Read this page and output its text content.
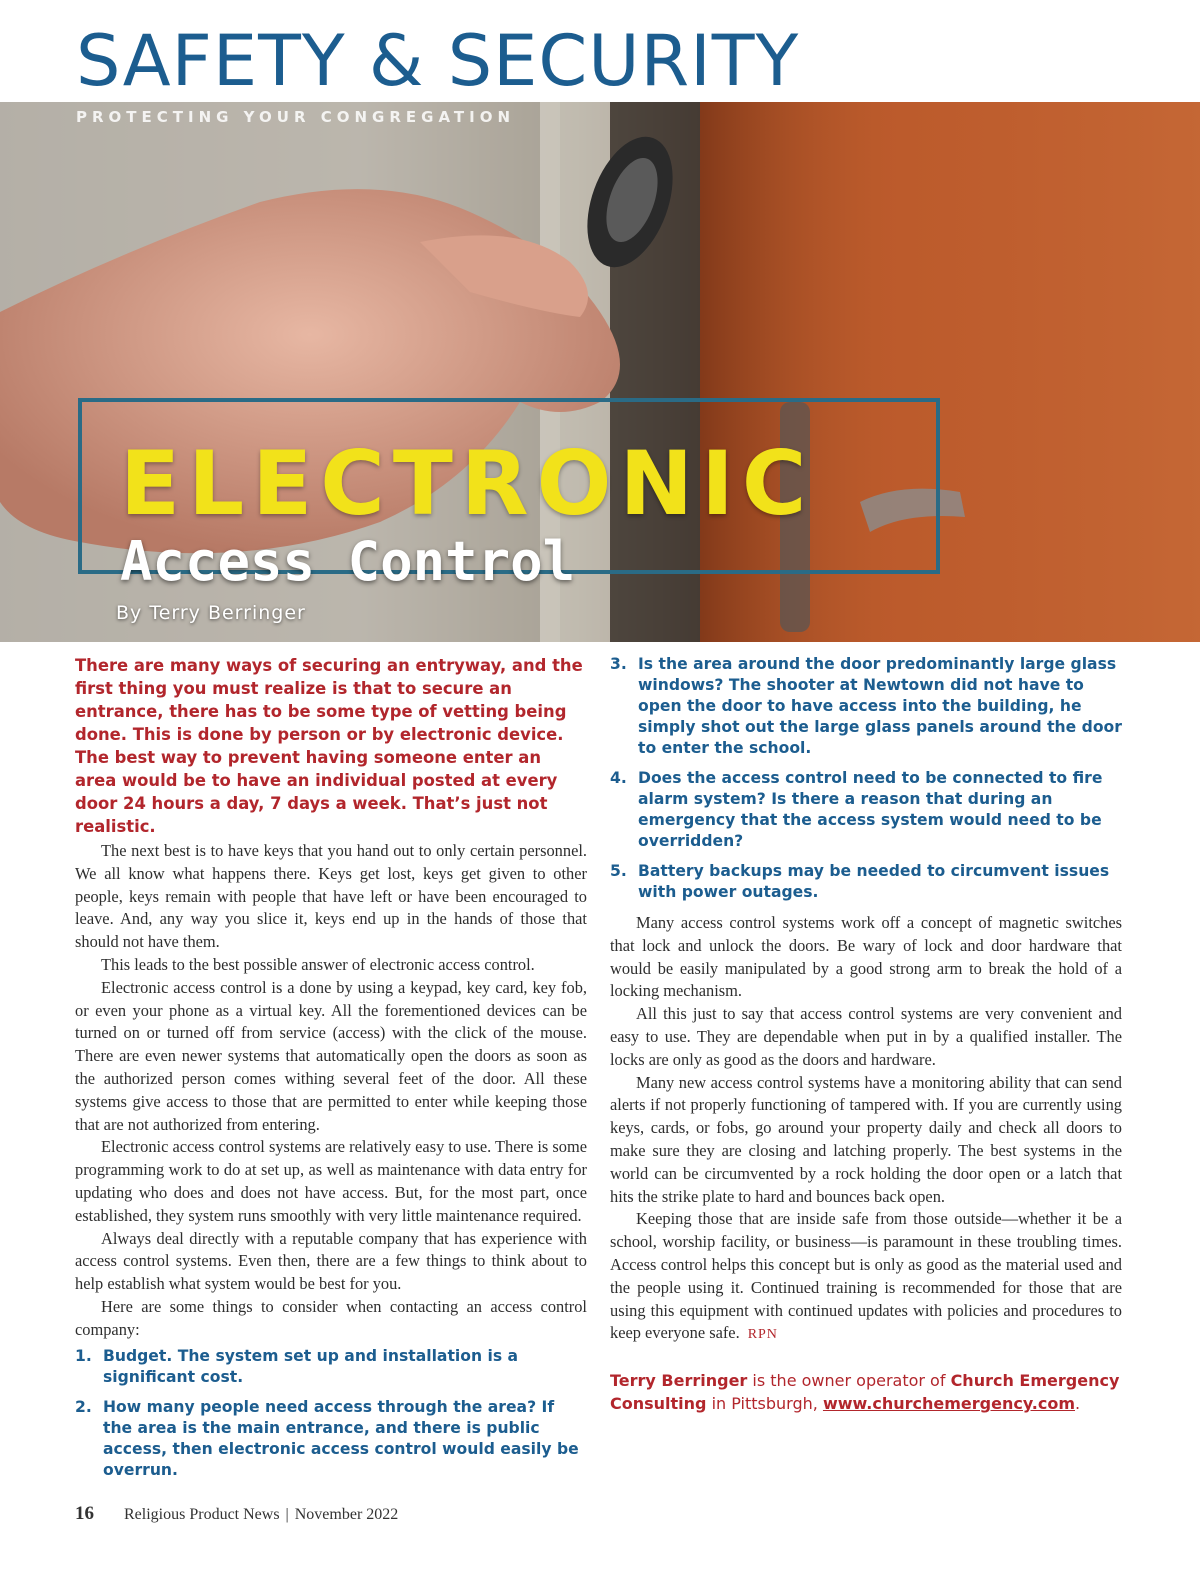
SAFETY & SECURITY

PROTECTING YOUR CONGREGATION

ELECTRONIC
Access Control

By Terry Berringer

There are many ways of securing an entryway, and the first thing you must realize is that to secure an entrance, there has to be some type of vetting being done. This is done by person or by electronic device. The best way to prevent having someone enter an area would be to have an individual posted at every door 24 hours a day, 7 days a week. That’s just not realistic.

The next best is to have keys that you hand out to only certain personnel. We all know what happens there. Keys get lost, keys get given to other people, keys remain with people that have left or have been encouraged to leave. And, any way you slice it, keys end up in the hands of those that should not have them.

This leads to the best possible answer of electronic access control.

Electronic access control is a done by using a keypad, key card, key fob, or even your phone as a virtual key. All the forementioned devices can be turned on or turned off from service (access) with the click of the mouse. There are even newer systems that automatically open the doors as soon as the authorized person comes withing several feet of the door. All these systems give access to those that are permitted to enter while keeping those that are not authorized from entering.

Electronic access control systems are relatively easy to use. There is some programming work to do at set up, as well as maintenance with data entry for updating who does and does not have access. But, for the most part, once established, they system runs smoothly with very little maintenance required.

Always deal directly with a reputable company that has experience with access control systems. Even then, there are a few things to think about to help establish what system would be best for you.

Here are some things to consider when contacting an access control company:

1. Budget. The system set up and installation is a significant cost.
2. How many people need access through the area? If the area is the main entrance, and there is public access, then electronic access control would easily be overrun.
3. Is the area around the door predominantly large glass windows? The shooter at Newtown did not have to open the door to have access into the building, he simply shot out the large glass panels around the door to enter the school.
4. Does the access control need to be connected to fire alarm system? Is there a reason that during an emergency that the access system would need to be overridden?
5. Battery backups may be needed to circumvent issues with power outages.

Many access control systems work off a concept of magnetic switches that lock and unlock the doors. Be wary of lock and door hardware that would be easily manipulated by a good strong arm to break the hold of a locking mechanism.

All this just to say that access control systems are very convenient and easy to use. They are dependable when put in by a qualified installer. The locks are only as good as the doors and hardware.

Many new access control systems have a monitoring ability that can send alerts if not properly functioning of tampered with. If you are currently using keys, cards, or fobs, go around your property daily and check all doors to make sure they are closing and latching properly. The best systems in the world can be circumvented by a rock holding the door open or a latch that hits the strike plate to hard and bounces back open.

Keeping those that are inside safe from those outside—whether it be a school, worship facility, or business—is paramount in these troubling times. Access control helps this concept but is only as good as the material used and the people using it. Continued training is recommended for those that are using this equipment with continued updates with policies and procedures to keep everyone safe. RPN

Terry Berringer is the owner operator of Church Emergency Consulting in Pittsburgh, www.churchemergency.com.

16 Religious Product News | November 2022
